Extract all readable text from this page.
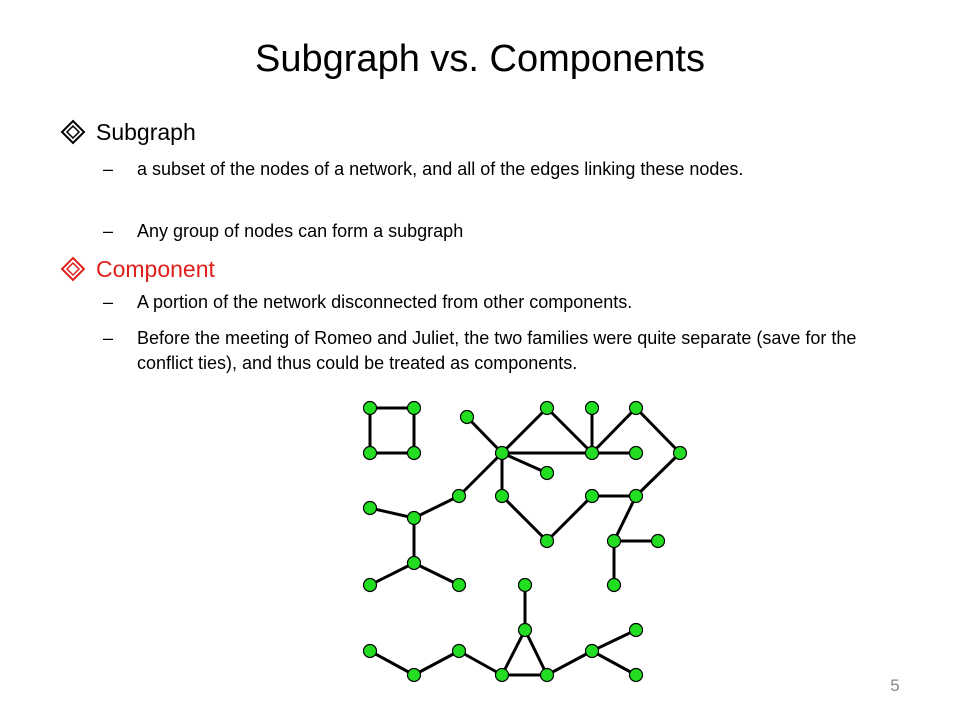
Subgraph vs. Components
Subgraph
–	a subset of the nodes of a network, and all of the edges linking these nodes.
–	Any group of nodes can form a subgraph
Component
–	A portion of the network disconnected from other components.
–	Before the meeting of Romeo and Juliet, the two families were quite separate (save for the conflict ties), and thus could be treated as components.
5
